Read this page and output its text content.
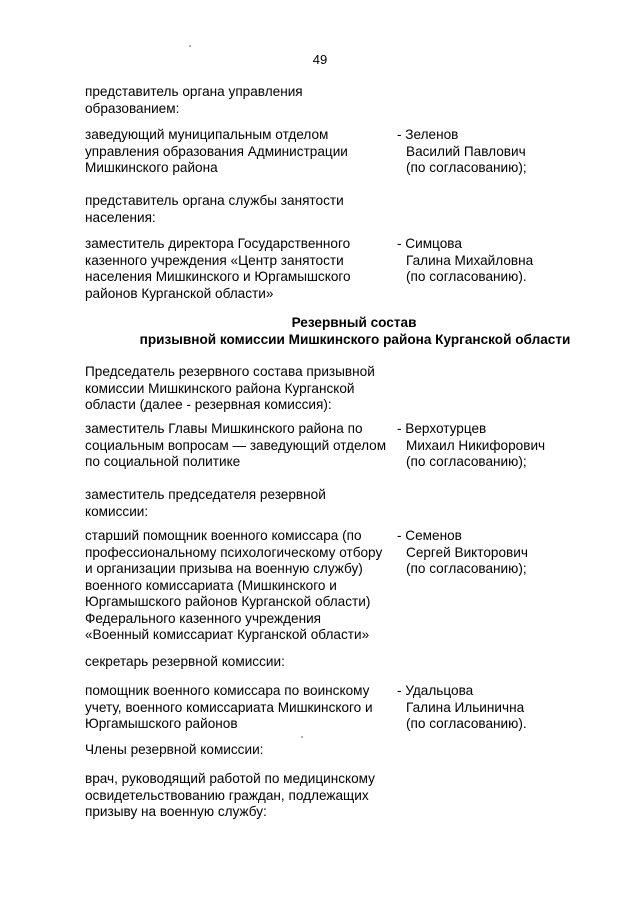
49
представитель органа управления
образованием:
заведующий муниципальным отделом
управления образования Администрации
Мишкинского района
- Зеленов
Василий Павлович
(по согласованию);
представитель органа службы занятости
населения:
заместитель директора Государственного
казенного учреждения «Центр занятости
населения Мишкинского и Юргамышского
районов Курганской области»
- Симцова
Галина Михайловна
(по согласованию).
Резервный состав
призывной комиссии Мишкинского района Курганской области
Председатель резервного состава призывной
комиссии Мишкинского района Курганской
области (далее - резервная комиссия):
заместитель Главы Мишкинского района по
социальным вопросам — заведующий отделом
по социальной политике
- Верхотурцев
Михаил Никифорович
(по согласованию);
заместитель председателя резервной
комиссии:
старший помощник военного комиссара (по
профессиональному психологическому отбору
и организации призыва на военную службу)
военного комиссариата (Мишкинского и
Юргамышского районов Курганской области)
Федерального казенного учреждения
«Военный комиссариат Курганской области»
- Семенов
Сергей Викторович
(по согласованию);
секретарь резервной комиссии:
помощник военного комиссара по воинскому
учету, военного комиссариата Мишкинского и
Юргамышского районов
- Удальцова
Галина Ильинична
(по согласованию).
Члены резервной комиссии:
врач, руководящий работой по медицинскому
освидетельствованию граждан, подлежащих
призыву на военную службу:
